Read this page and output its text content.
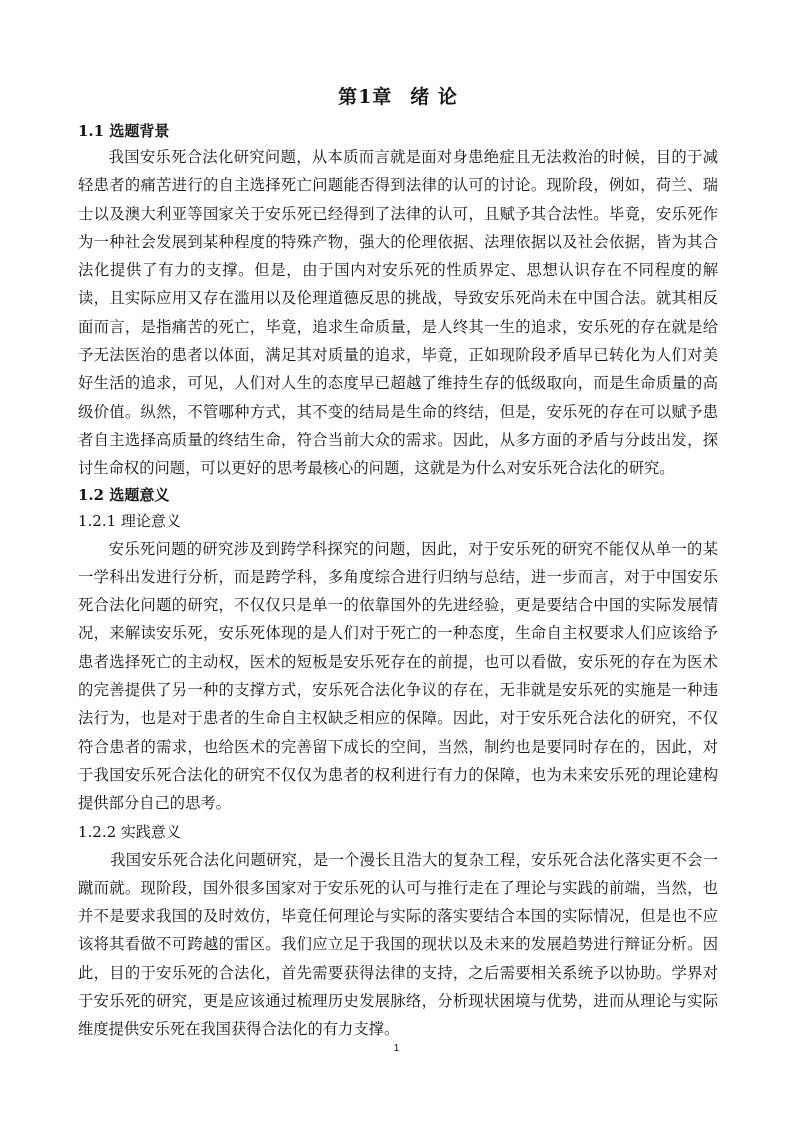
第1章 绪 论
1.1 选题背景

我国安乐死合法化研究问题，从本质而言就是面对身患绝症且无法救治的时候，目的于减轻患者的痛苦进行的自主选择死亡问题能否得到法律的认可的讨论。现阶段，例如，荷兰、瑞士以及澳大利亚等国家关于安乐死已经得到了法律的认可，且赋予其合法性。毕竟，安乐死作为一种社会发展到某种程度的特殊产物，强大的伦理依据、法理依据以及社会依据，皆为其合法化提供了有力的支撑。但是，由于国内对安乐死的性质界定、思想认识存在不同程度的解读，且实际应用又存在滥用以及伦理道德反思的挑战，导致安乐死尚未在中国合法。就其相反面而言，是指痛苦的死亡，毕竟，追求生命质量，是人终其一生的追求，安乐死的存在就是给予无法医治的患者以体面，满足其对质量的追求，毕竟，正如现阶段矛盾早已转化为人们对美好生活的追求，可见，人们对人生的态度早已超越了维持生存的低级取向，而是生命质量的高级价值。纵然，不管哪种方式，其不变的结局是生命的终结，但是，安乐死的存在可以赋予患者自主选择高质量的终结生命，符合当前大众的需求。因此，从多方面的矛盾与分歧出发，探讨生命权的问题，可以更好的思考最核心的问题，这就是为什么对安乐死合法化的研究。

1.2 选题意义
1.2.1 理论意义

安乐死问题的研究涉及到跨学科探究的问题，因此，对于安乐死的研究不能仅从单一的某一学科出发进行分析，而是跨学科，多角度综合进行归纳与总结，进一步而言，对于中国安乐死合法化问题的研究，不仅仅只是单一的依靠国外的先进经验，更是要结合中国的实际发展情况，来解读安乐死，安乐死体现的是人们对于死亡的一种态度，生命自主权要求人们应该给予患者选择死亡的主动权，医术的短板是安乐死存在的前提，也可以看做，安乐死的存在为医术的完善提供了另一种的支撑方式，安乐死合法化争议的存在，无非就是安乐死的实施是一种违法行为，也是对于患者的生命自主权缺乏相应的保障。因此，对于安乐死合法化的研究，不仅符合患者的需求，也给医术的完善留下成长的空间，当然，制约也是要同时存在的，因此，对于我国安乐死合法化的研究不仅仅为患者的权利进行有力的保障，也为未来安乐死的理论建构提供部分自己的思考。

1.2.2 实践意义

我国安乐死合法化问题研究，是一个漫长且浩大的复杂工程，安乐死合法化落实更不会一蹴而就。现阶段，国外很多国家对于安乐死的认可与推行走在了理论与实践的前端，当然，也并不是要求我国的及时效仿，毕竟任何理论与实际的落实要结合本国的实际情况，但是也不应该将其看做不可跨越的雷区。我们应立足于我国的现状以及未来的发展趋势进行辩证分析。因此，目的于安乐死的合法化，首先需要获得法律的支持，之后需要相关系统予以协助。学界对于安乐死的研究，更是应该通过梳理历史发展脉络，分析现状困境与优势，进而从理论与实际维度提供安乐死在我国获得合法化的有力支撑。

1
